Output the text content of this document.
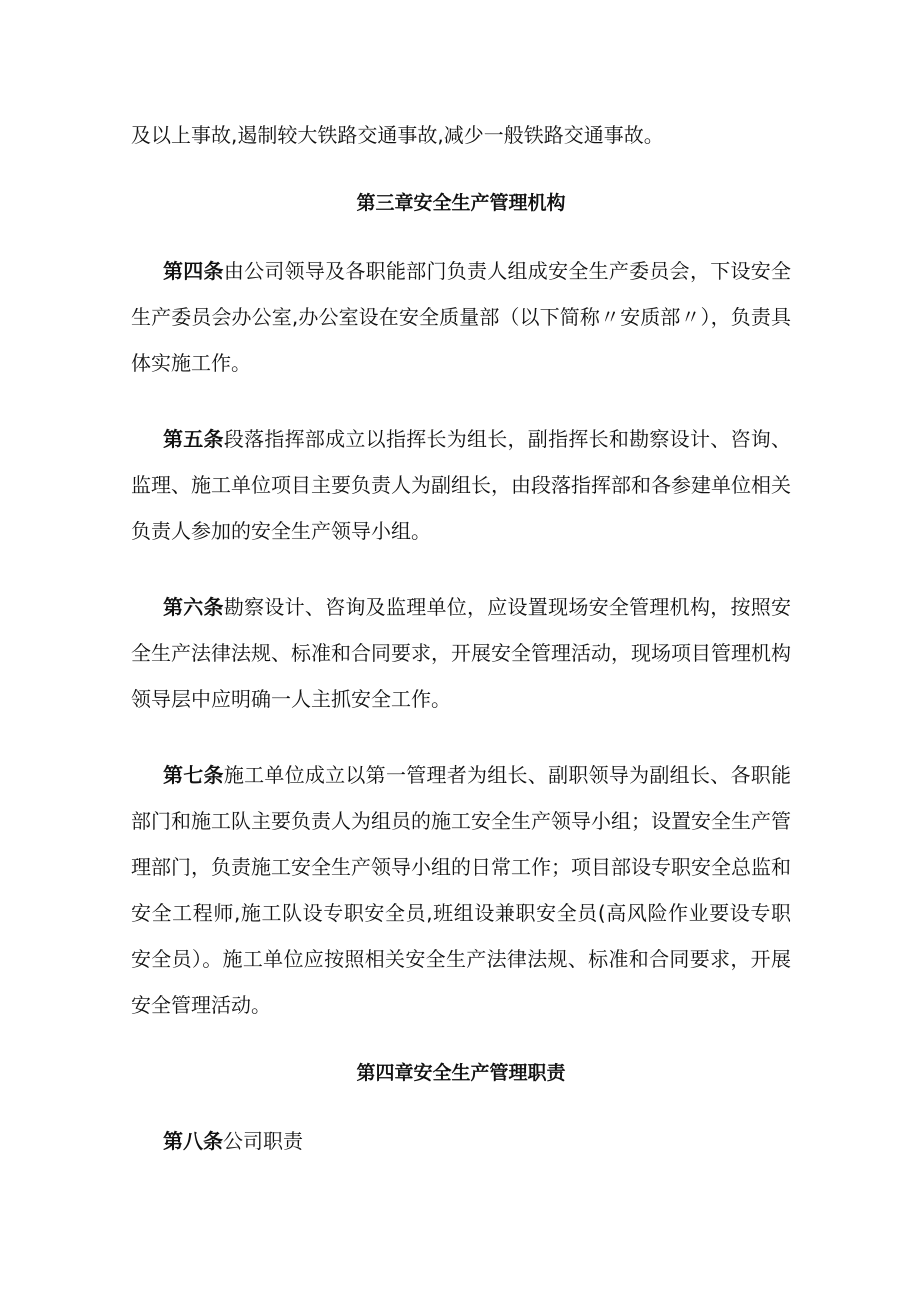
及以上事故,遏制较大铁路交通事故,减少一般铁路交通事故。

第三章安全生产管理机构

第四条由公司领导及各职能部门负责人组成安全生产委员会，下设安全生产委员会办公室,办公室设在安全质量部（以下简称〃安质部〃），负责具体实施工作。

第五条段落指挥部成立以指挥长为组长，副指挥长和勘察设计、咨询、监理、施工单位项目主要负责人为副组长，由段落指挥部和各参建单位相关负责人参加的安全生产领导小组。

第六条勘察设计、咨询及监理单位，应设置现场安全管理机构，按照安全生产法律法规、标准和合同要求，开展安全管理活动，现场项目管理机构领导层中应明确一人主抓安全工作。

第七条施工单位成立以第一管理者为组长、副职领导为副组长、各职能部门和施工队主要负责人为组员的施工安全生产领导小组；设置安全生产管理部门，负责施工安全生产领导小组的日常工作；项目部设专职安全总监和安全工程师,施工队设专职安全员,班组设兼职安全员(高风险作业要设专职安全员）。施工单位应按照相关安全生产法律法规、标准和合同要求，开展安全管理活动。

第四章安全生产管理职责

第八条公司职责
